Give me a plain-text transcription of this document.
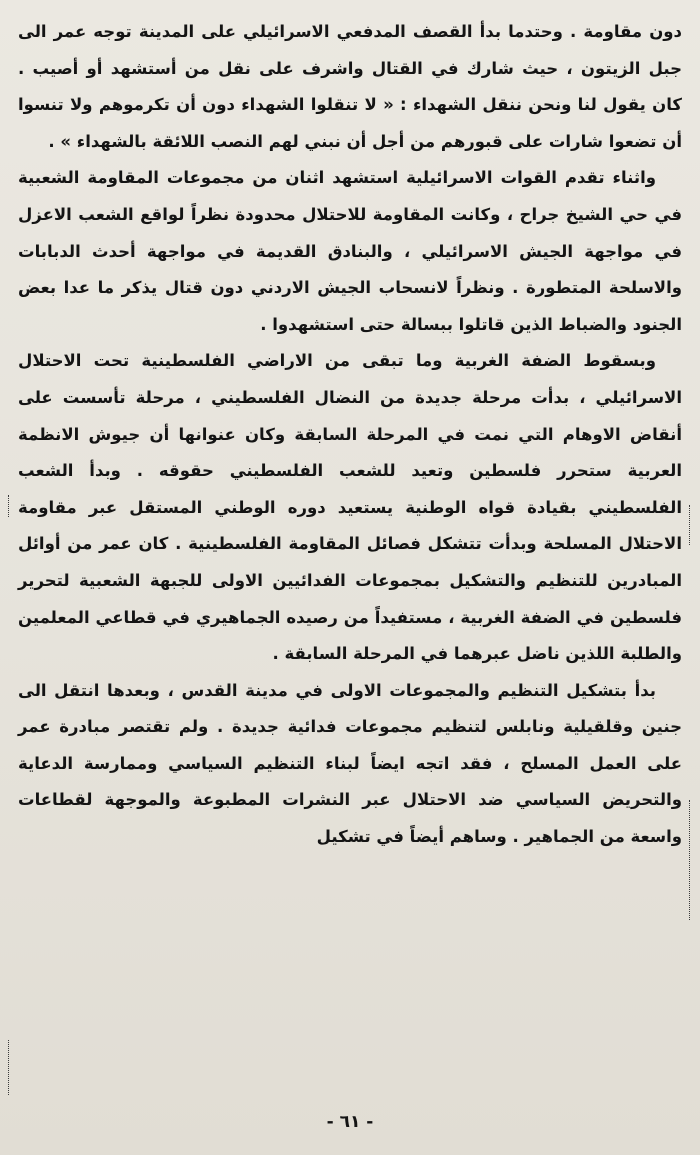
دون مقاومة . وحتدما بدأ القصف المدفعي الاسرائيلي على المدينة توجه عمر الى جبل الزيتون ، حيث شارك في القتال واشرف على نقل من أستشهد أو أصيب . كان يقول لنا ونحن ننقل الشهداء : « لا تنقلوا الشهداء دون أن تكرموهم ولا تنسوا أن تضعوا شارات على قبورهم من أجل أن نبني لهم النصب اللائقة بالشهداء » .

واثناء تقدم القوات الاسرائيلية استشهد اثنان من مجموعات المقاومة الشعبية في حي الشيخ جراح ، وكانت المقاومة للاحتلال محدودة نظراً لواقع الشعب الاعزل في مواجهة الجيش الاسرائيلي ، والبنادق القديمة في مواجهة أحدث الدبابات والاسلحة المتطورة . ونظراً لانسحاب الجيش الاردني دون قتال يذكر ما عدا بعض الجنود والضباط الذين قاتلوا ببسالة حتى استشهدوا .

وبسقوط الضفة الغربية وما تبقى من الاراضي الفلسطينية تحت الاحتلال الاسرائيلي ، بدأت مرحلة جديدة من النضال الفلسطيني ، مرحلة تأسست على أنقاض الاوهام التي نمت في المرحلة السابقة وكان عنوانها أن جيوش الانظمة العربية ستحرر فلسطين وتعيد للشعب الفلسطيني حقوقه . وبدأ الشعب الفلسطيني بقيادة قواه الوطنية يستعيد دوره الوطني المستقل عبر مقاومة الاحتلال المسلحة وبدأت تتشكل فصائل المقاومة الفلسطينية . كان عمر من أوائل المبادرين للتنظيم والتشكيل بمجموعات الفدائيين الاولى للجبهة الشعبية لتحرير فلسطين في الضفة الغربية ، مستفيداً من رصيده الجماهيري في قطاعي المعلمين والطلبة اللذين ناضل عبرهما في المرحلة السابقة .

بدأ بتشكيل التنظيم والمجموعات الاولى في مدينة القدس ، وبعدها انتقل الى جنين وقلقيلية ونابلس لتنظيم مجموعات فدائية جديدة . ولم تقتصر مبادرة عمر على العمل المسلح ، فقد اتجه ايضاً لبناء التنظيم السياسي وممارسة الدعاية والتحريض السياسي ضد الاحتلال عبر النشرات المطبوعة والموجهة لقطاعات واسعة من الجماهير . وساهم أيضاً في تشكيل

- ٦١ -
